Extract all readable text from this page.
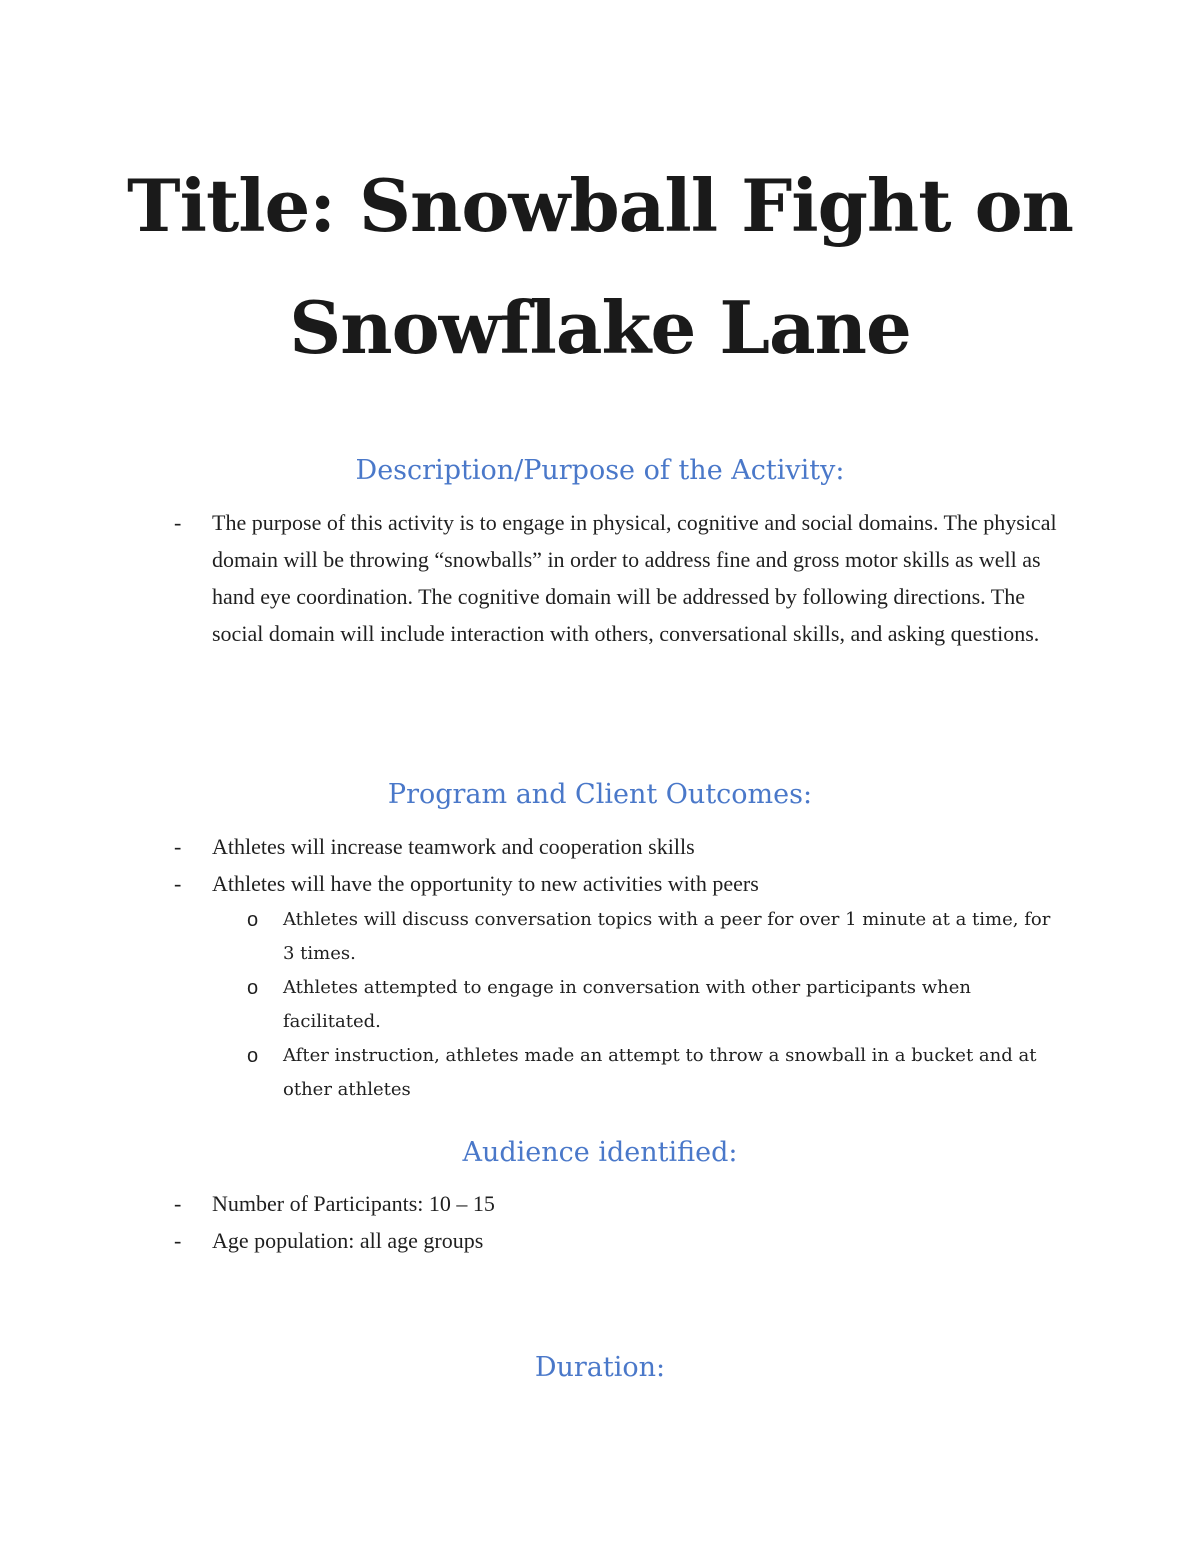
Title: Snowball Fight on Snowflake Lane
Description/Purpose of the Activity:
- The purpose of this activity is to engage in physical, cognitive and social domains. The physical domain will be throwing “snowballs” in order to address fine and gross motor skills as well as hand eye coordination. The cognitive domain will be addressed by following directions. The social domain will include interaction with others, conversational skills, and asking questions.
Program and Client Outcomes:
- Athletes will increase teamwork and cooperation skills
- Athletes will have the opportunity to new activities with peers
o Athletes will discuss conversation topics with a peer for over 1 minute at a time, for 3 times.
o Athletes attempted to engage in conversation with other participants when facilitated.
o After instruction, athletes made an attempt to throw a snowball in a bucket and at other athletes
Audience identified:
- Number of Participants: 10 – 15
- Age population: all age groups
Duration:
